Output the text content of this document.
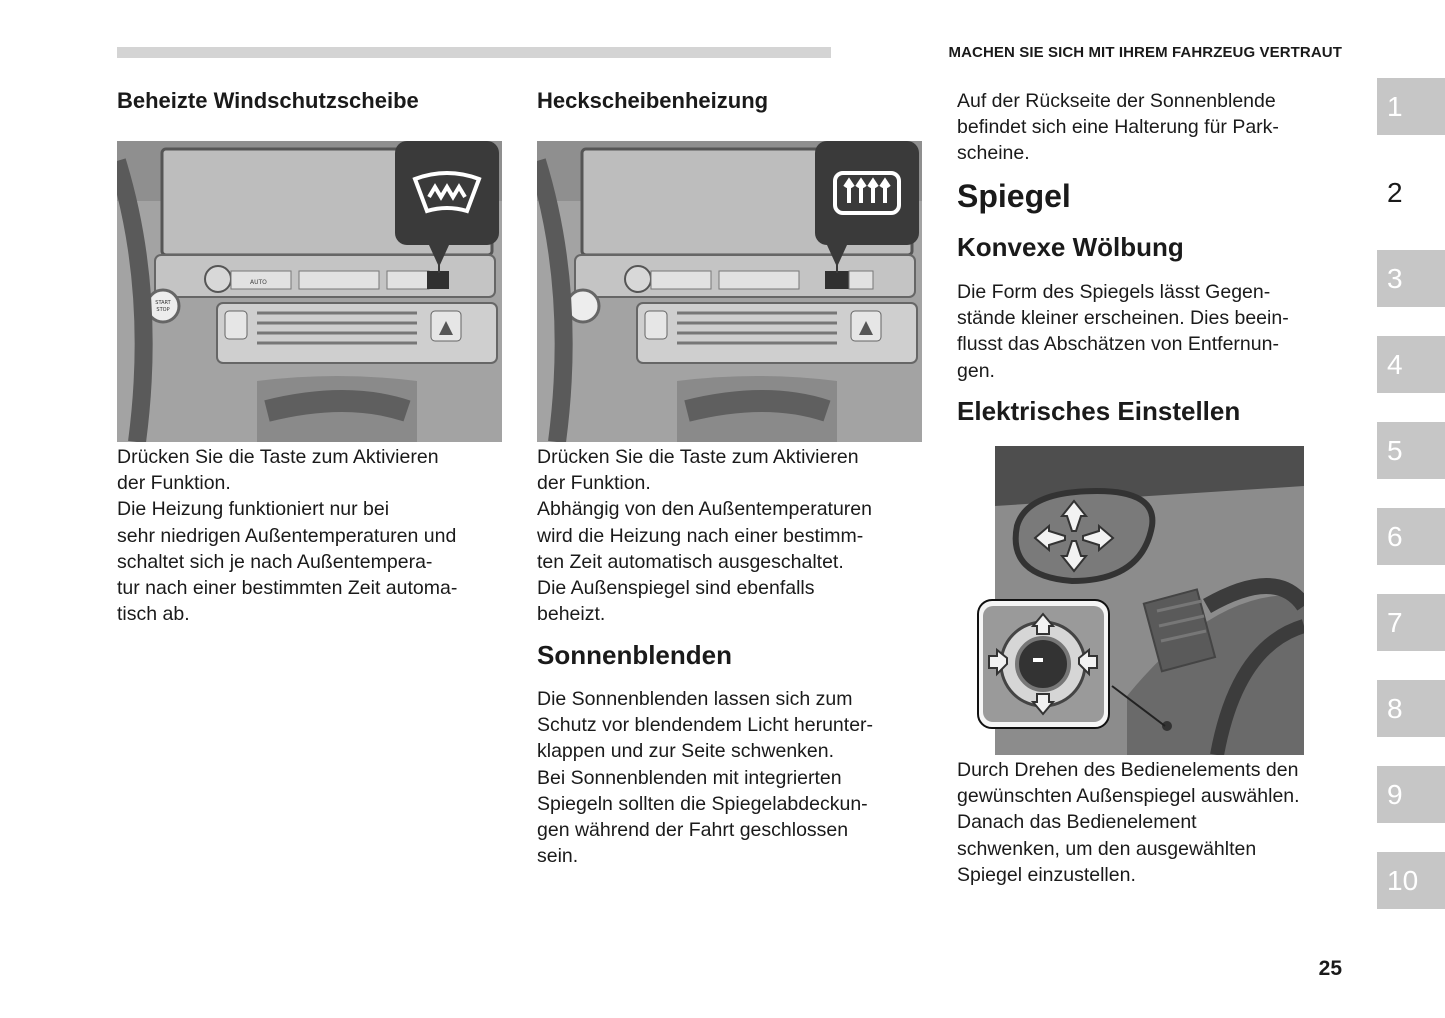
MACHEN SIE SICH MIT IHREM FAHRZEUG VERTRAUT
Beheizte Windschutzscheibe
AUTO
START
STOP
Drücken Sie die Taste zum Aktivieren
der Funktion.
Die Heizung funktioniert nur bei
sehr niedrigen Außentemperaturen und
schaltet sich je nach Außentempera-
tur nach einer bestimmten Zeit automa-
tisch ab.
Heckscheibenheizung
Drücken Sie die Taste zum Aktivieren
der Funktion.
Abhängig von den Außentemperaturen
wird die Heizung nach einer bestimm-
ten Zeit automatisch ausgeschaltet.
Die Außenspiegel sind ebenfalls
beheizt.
Sonnenblenden
Die Sonnenblenden lassen sich zum
Schutz vor blendendem Licht herunter-
klappen und zur Seite schwenken.
Bei Sonnenblenden mit integrierten
Spiegeln sollten die Spiegelabdeckun-
gen während der Fahrt geschlossen
sein.
Auf der Rückseite der Sonnenblende
befindet sich eine Halterung für Park-
scheine.
Spiegel
Konvexe Wölbung
Die Form des Spiegels lässt Gegen-
stände kleiner erscheinen. Dies beein-
flusst das Abschätzen von Entfernun-
gen.
Elektrisches Einstellen
Durch Drehen des Bedienelements den
gewünschten Außenspiegel auswählen.
Danach das Bedienelement
schwenken, um den ausgewählten
Spiegel einzustellen.
1
2
3
4
5
6
7
8
9
10
25
